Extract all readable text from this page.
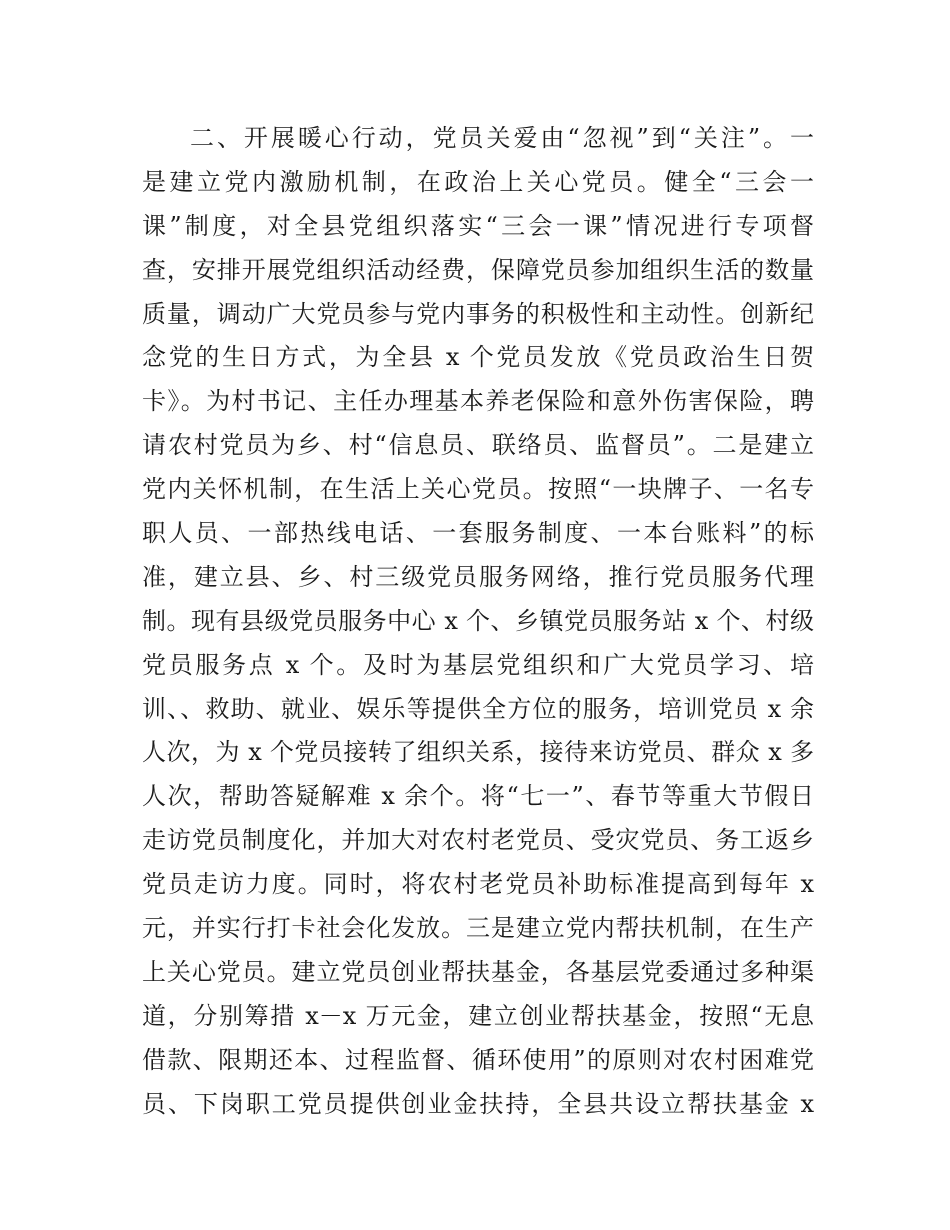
二、开展暖心行动，党员关爱由“忽视”到“关注”。一
是建立党内激励机制，在政治上关心党员。健全“三会一
课”制度，对全县党组织落实“三会一课”情况进行专项督
查，安排开展党组织活动经费，保障党员参加组织生活的数量
质量，调动广大党员参与党内事务的积极性和主动性。创新纪
念党的生日方式，为全县 x 个党员发放《党员政治生日贺
卡》。为村书记、主任办理基本养老保险和意外伤害保险，聘
请农村党员为乡、村“信息员、联络员、监督员”。二是建立
党内关怀机制，在生活上关心党员。按照“一块牌子、一名专
职人员、一部热线电话、一套服务制度、一本台账料”的标
准，建立县、乡、村三级党员服务网络，推行党员服务代理
制。现有县级党员服务中心 x 个、乡镇党员服务站 x 个、村级
党员服务点 x 个。及时为基层党组织和广大党员学习、培
训、、救助、就业、娱乐等提供全方位的服务，培训党员 x 余
人次，为 x 个党员接转了组织关系，接待来访党员、群众 x 多
人次，帮助答疑解难 x 余个。将“七一”、春节等重大节假日
走访党员制度化，并加大对农村老党员、受灾党员、务工返乡
党员走访力度。同时，将农村老党员补助标准提高到每年 x
元，并实行打卡社会化发放。三是建立党内帮扶机制，在生产
上关心党员。建立党员创业帮扶基金，各基层党委通过多种渠
道，分别筹措 x－x 万元金，建立创业帮扶基金，按照“无息
借款、限期还本、过程监督、循环使用”的原则对农村困难党
员、下岗职工党员提供创业金扶持，全县共设立帮扶基金 x
